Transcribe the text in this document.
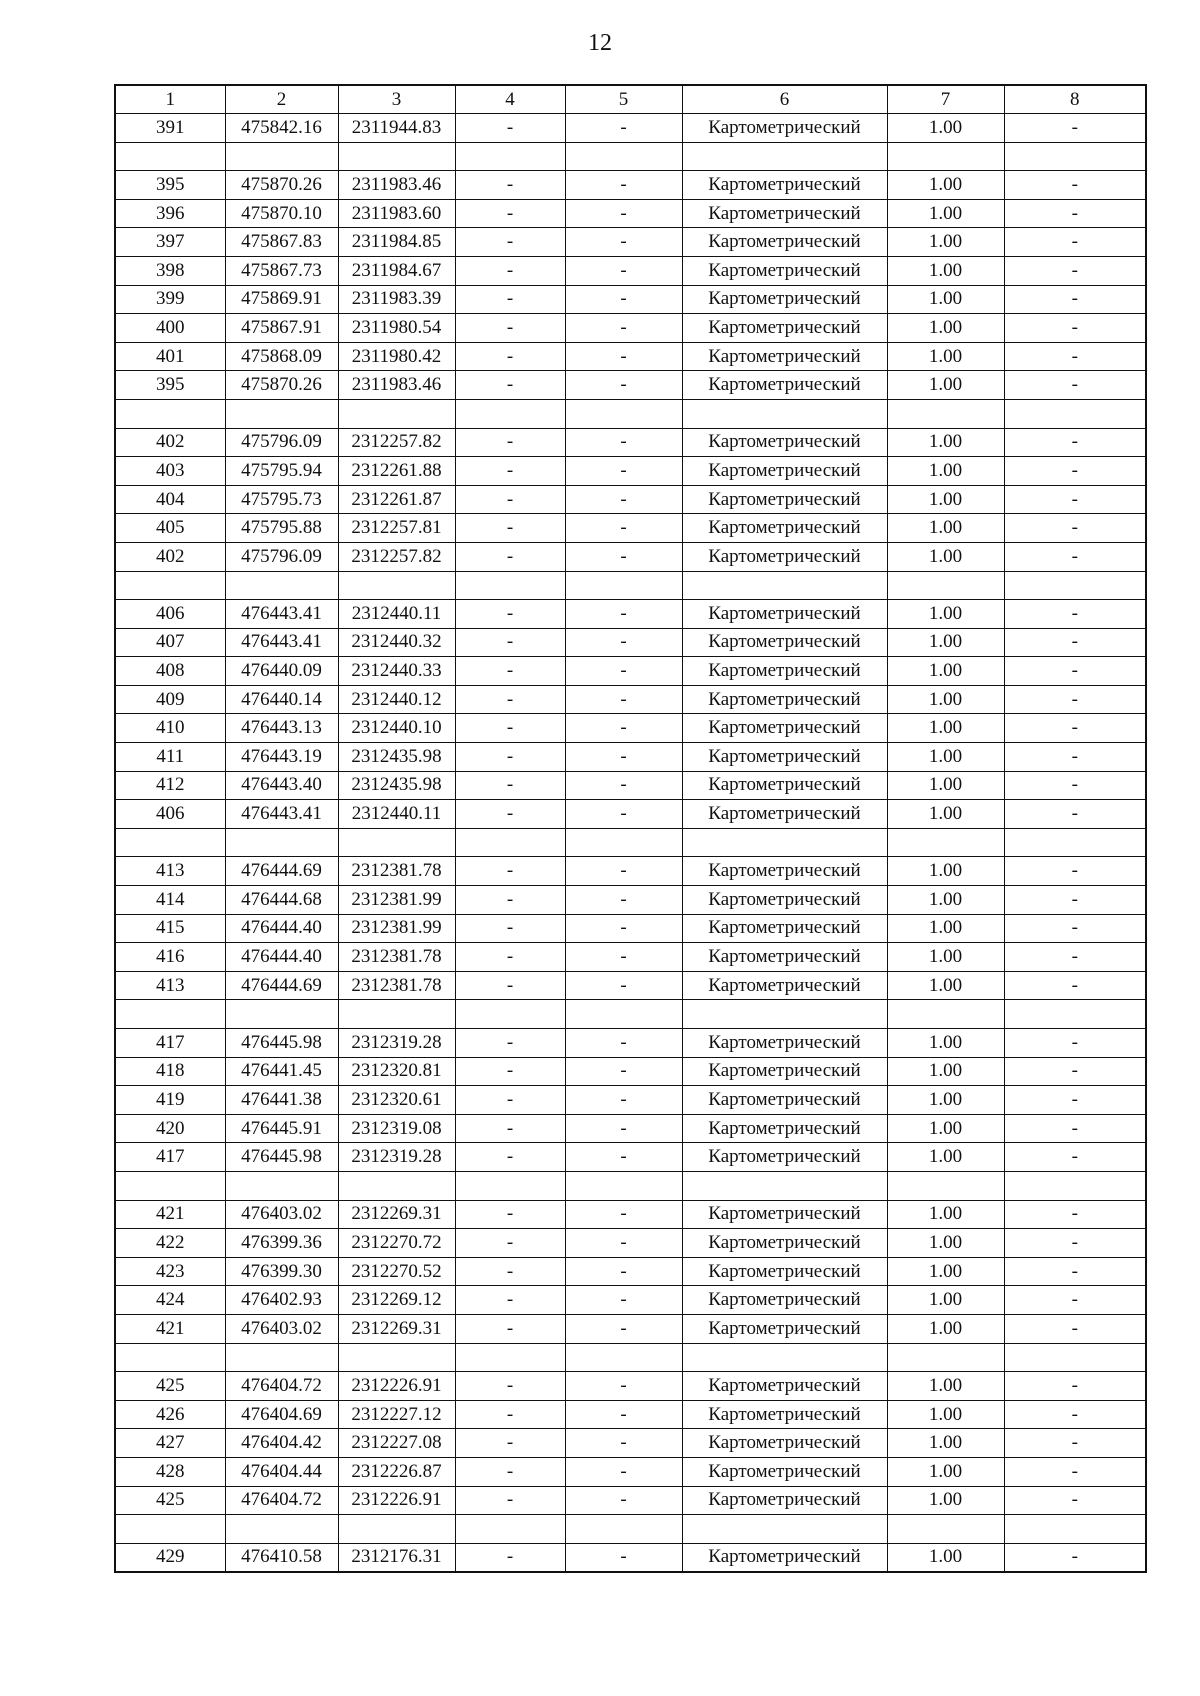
12
1	2	3	4	5	6	7	8
391	475842.16	2311944.83	-	-	Картометрический	1.00	-

395	475870.26	2311983.46	-	-	Картометрический	1.00	-
396	475870.10	2311983.60	-	-	Картометрический	1.00	-
397	475867.83	2311984.85	-	-	Картометрический	1.00	-
398	475867.73	2311984.67	-	-	Картометрический	1.00	-
399	475869.91	2311983.39	-	-	Картометрический	1.00	-
400	475867.91	2311980.54	-	-	Картометрический	1.00	-
401	475868.09	2311980.42	-	-	Картометрический	1.00	-
395	475870.26	2311983.46	-	-	Картометрический	1.00	-

402	475796.09	2312257.82	-	-	Картометрический	1.00	-
403	475795.94	2312261.88	-	-	Картометрический	1.00	-
404	475795.73	2312261.87	-	-	Картометрический	1.00	-
405	475795.88	2312257.81	-	-	Картометрический	1.00	-
402	475796.09	2312257.82	-	-	Картометрический	1.00	-

406	476443.41	2312440.11	-	-	Картометрический	1.00	-
407	476443.41	2312440.32	-	-	Картометрический	1.00	-
408	476440.09	2312440.33	-	-	Картометрический	1.00	-
409	476440.14	2312440.12	-	-	Картометрический	1.00	-
410	476443.13	2312440.10	-	-	Картометрический	1.00	-
411	476443.19	2312435.98	-	-	Картометрический	1.00	-
412	476443.40	2312435.98	-	-	Картометрический	1.00	-
406	476443.41	2312440.11	-	-	Картометрический	1.00	-

413	476444.69	2312381.78	-	-	Картометрический	1.00	-
414	476444.68	2312381.99	-	-	Картометрический	1.00	-
415	476444.40	2312381.99	-	-	Картометрический	1.00	-
416	476444.40	2312381.78	-	-	Картометрический	1.00	-
413	476444.69	2312381.78	-	-	Картометрический	1.00	-

417	476445.98	2312319.28	-	-	Картометрический	1.00	-
418	476441.45	2312320.81	-	-	Картометрический	1.00	-
419	476441.38	2312320.61	-	-	Картометрический	1.00	-
420	476445.91	2312319.08	-	-	Картометрический	1.00	-
417	476445.98	2312319.28	-	-	Картометрический	1.00	-

421	476403.02	2312269.31	-	-	Картометрический	1.00	-
422	476399.36	2312270.72	-	-	Картометрический	1.00	-
423	476399.30	2312270.52	-	-	Картометрический	1.00	-
424	476402.93	2312269.12	-	-	Картометрический	1.00	-
421	476403.02	2312269.31	-	-	Картометрический	1.00	-

425	476404.72	2312226.91	-	-	Картометрический	1.00	-
426	476404.69	2312227.12	-	-	Картометрический	1.00	-
427	476404.42	2312227.08	-	-	Картометрический	1.00	-
428	476404.44	2312226.87	-	-	Картометрический	1.00	-
425	476404.72	2312226.91	-	-	Картометрический	1.00	-

429	476410.58	2312176.31	-	-	Картометрический	1.00	-
